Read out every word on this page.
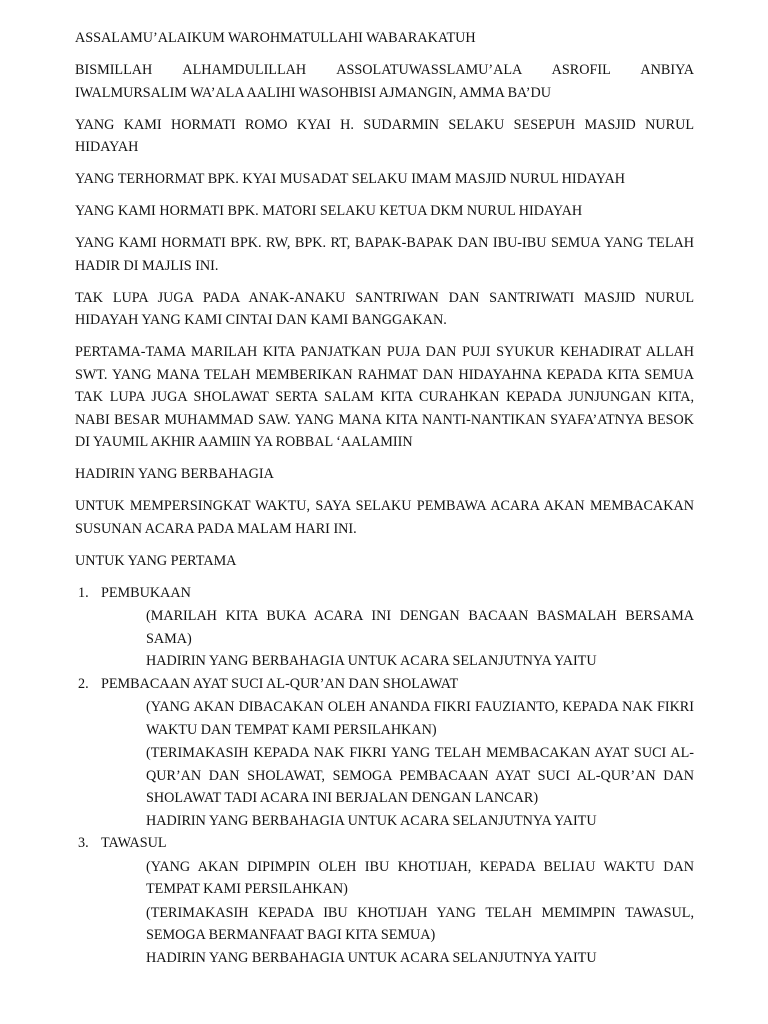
ASSALAMU’ALAIKUM WAROHMATULLAHI WABARAKATUH

BISMILLAH ALHAMDULILLAH ASSOLATUWASSLAMU’ALA ASROFIL ANBIYA IWALMURSALIM WA’ALA AALIHI WASOHBISI AJMANGIN, AMMA BA’DU

YANG KAMI HORMATI ROMO KYAI H. SUDARMIN SELAKU SESEPUH MASJID NURUL HIDAYAH

YANG TERHORMAT BPK. KYAI MUSADAT SELAKU IMAM MASJID NURUL HIDAYAH

YANG KAMI HORMATI BPK. MATORI SELAKU KETUA DKM NURUL HIDAYAH

YANG KAMI HORMATI BPK. RW, BPK. RT, BAPAK-BAPAK DAN IBU-IBU SEMUA YANG TELAH HADIR DI MAJLIS INI.

TAK LUPA JUGA PADA ANAK-ANAKU SANTRIWAN DAN SANTRIWATI MASJID NURUL HIDAYAH YANG KAMI CINTAI DAN KAMI BANGGAKAN.

PERTAMA-TAMA MARILAH KITA PANJATKAN PUJA DAN PUJI SYUKUR KEHADIRAT ALLAH SWT. YANG MANA TELAH MEMBERIKAN RAHMAT DAN HIDAYAHNA KEPADA KITA SEMUA TAK LUPA JUGA SHOLAWAT SERTA SALAM KITA CURAHKAN KEPADA JUNJUNGAN KITA, NABI BESAR MUHAMMAD SAW. YANG MANA KITA NANTI-NANTIKAN SYAFA’ATNYA BESOK DI YAUMIL AKHIR AAMIIN YA ROBBAL ‘AALAMIIN

HADIRIN YANG BERBAHAGIA

UNTUK MEMPERSINGKAT WAKTU, SAYA SELAKU PEMBAWA ACARA AKAN MEMBACAKAN SUSUNAN ACARA PADA MALAM HARI INI.

UNTUK YANG PERTAMA

1. PEMBUKAAN

(MARILAH KITA BUKA ACARA INI DENGAN BACAAN BASMALAH BERSAMA SAMA)

HADIRIN YANG BERBAHAGIA UNTUK ACARA SELANJUTNYA YAITU

2. PEMBACAAN AYAT SUCI AL-QUR’AN DAN SHOLAWAT

(YANG AKAN DIBACAKAN OLEH ANANDA FIKRI FAUZIANTO, KEPADA NAK FIKRI WAKTU DAN TEMPAT KAMI PERSILAHKAN)

(TERIMAKASIH KEPADA NAK FIKRI YANG TELAH MEMBACAKAN AYAT SUCI AL-QUR’AN DAN SHOLAWAT, SEMOGA PEMBACAAN AYAT SUCI AL-QUR’AN DAN SHOLAWAT TADI ACARA INI BERJALAN DENGAN LANCAR)

HADIRIN YANG BERBAHAGIA UNTUK ACARA SELANJUTNYA YAITU

3. TAWASUL

(YANG AKAN DIPIMPIN OLEH IBU KHOTIJAH, KEPADA BELIAU WAKTU DAN TEMPAT KAMI PERSILAHKAN)

(TERIMAKASIH KEPADA IBU KHOTIJAH YANG TELAH MEMIMPIN TAWASUL, SEMOGA BERMANFAAT BAGI KITA SEMUA)

HADIRIN YANG BERBAHAGIA UNTUK ACARA SELANJUTNYA YAITU
